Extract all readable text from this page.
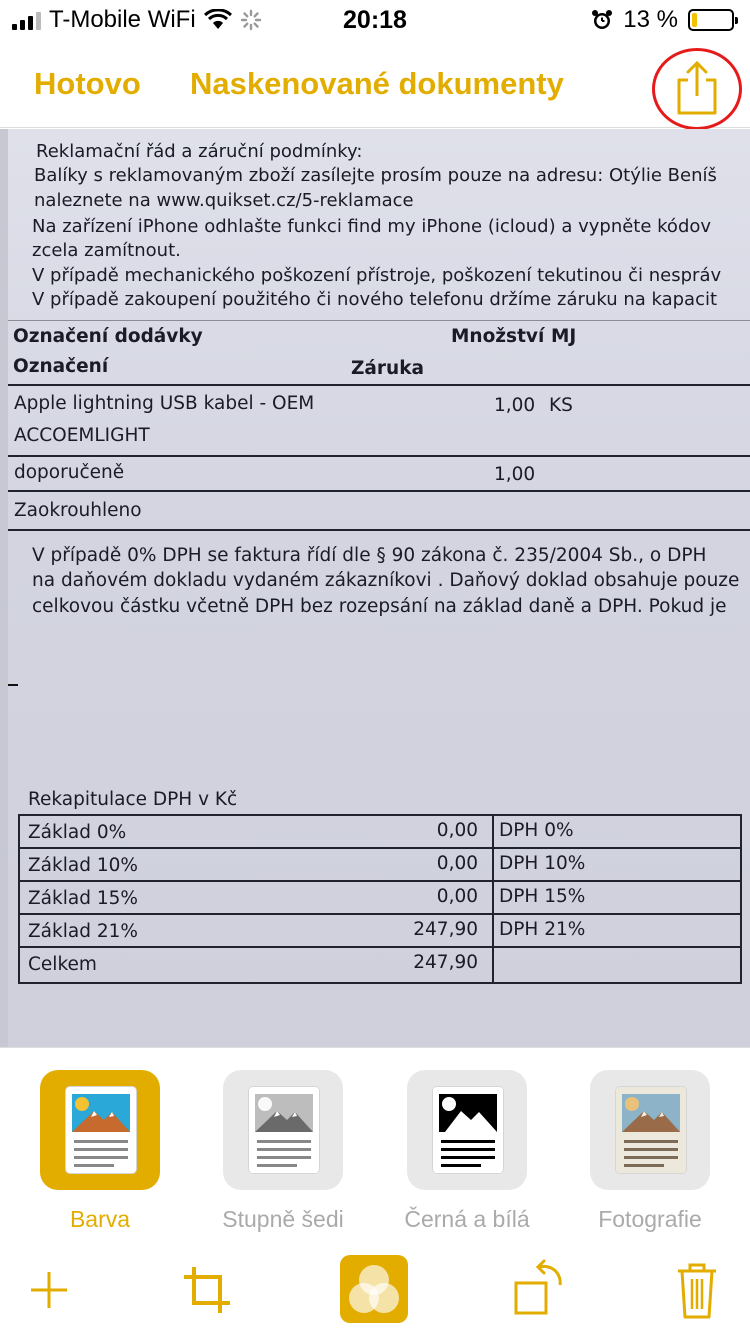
T-Mobile WiFi	20:18	13 %
Hotovo Naskenované dokumenty
Reklamační řád a záruční podmínky:
Balíky s reklamovaným zboží zasílejte prosím pouze na adresu: Otýlie Beníš
naleznete na www.quikset.cz/5-reklamace
Na zařízení iPhone odhlašte funkci find my iPhone (icloud) a vypněte kódov
zcela zamítnout.
V případě mechanického poškození přístroje, poškození tekutinou či nespráv
V případě zakoupení použitého či nového telefonu držíme záruku na kapacit
Označení dodávky	Množství MJ
Označení	Záruka
Apple lightning USB kabel - OEM	1,00 KS
ACCOEMLIGHT
doporučeně	1,00
Zaokrouhleno
V případě 0% DPH se faktura řídí dle § 90 zákona č. 235/2004 Sb., o DPH
na daňovém dokladu vydaném zákazníkovi . Daňový doklad obsahuje pouze
celkovou částku včetně DPH bez rozepsání na základ daně a DPH. Pokud je
Rekapitulace DPH v Kč
Základ 0%	0,00 DPH 0%
Základ 10%	0,00 DPH 10%
Základ 15%	0,00 DPH 15%
Základ 21%	247,90 DPH 21%
Celkem	247,90
Barva	Stupně šedi	Černá a bílá	Fotografie
